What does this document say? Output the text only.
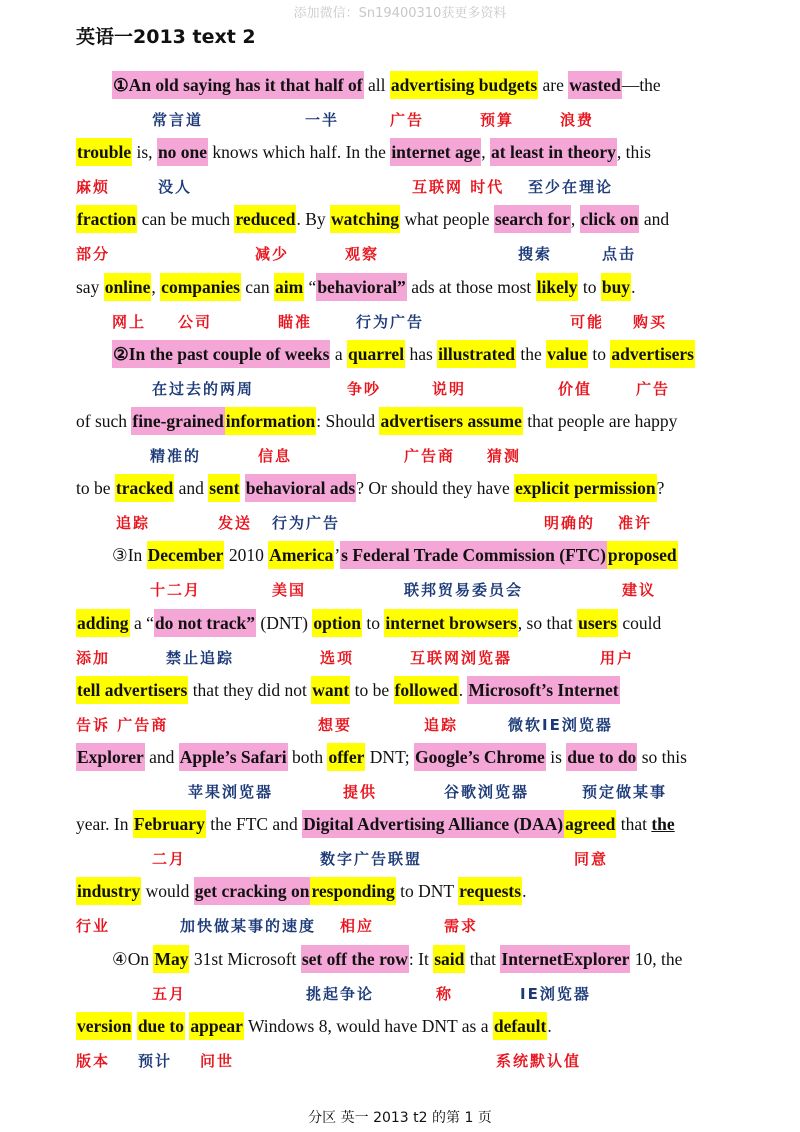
添加微信：Sn19400310获更多资料
英语一2013 text 2
①An old saying has it that half of all advertising budgets are wasted—the
常言道	一半	广告	预算	浪费
trouble is, no one knows which half. In the internet age, at least in theory, this
麻烦	没人	互联网 时代 至少在理论
fraction can be much reduced. By watching what people search for, click on and
部分	减少	观察	搜索	点击
say online, companies can aim “behavioral” ads at those most likely to buy.
网上 公司	瞄准	行为广告	可能 购买
②In the past couple of weeks a quarrel has illustrated the value to advertisers
在过去的两周	争吵	说明	价值	广告
of such fine-grained information: Should advertisers assume that people are happy
精准的	信息	广告商 猜测
to be tracked and sent behavioral ads? Or should they have explicit permission?
追踪	发送 行为广告	明确的 准许
③In December 2010 America’s Federal Trade Commission (FTC) proposed
十二月	美国	联邦贸易委员会	建议
adding a “do not track” (DNT) option to internet browsers, so that users could
添加	禁止追踪	选项	互联网浏览器	用户
tell advertisers that they did not want to be followed. Microsoft’s Internet
告诉 广告商	想要	追踪	微软IE浏览器
Explorer and Apple’s Safari both offer DNT; Google’s Chrome is due to do so this
苹果浏览器	提供	谷歌浏览器	预定做某事
year. In February the FTC and Digital Advertising Alliance (DAA) agreed that the
二月	数字广告联盟	同意
industry would get cracking on responding to DNT requests.
行业	加快做某事的速度 相应	需求
④On May 31st Microsoft set off the row: It said that InternetExplorer 10, the
五月	挑起争论	称	IE浏览器
version due to appear Windows 8, would have DNT as a default.
版本 预计 问世	系统默认值
分区 英一 2013 t2 的第 1 页
